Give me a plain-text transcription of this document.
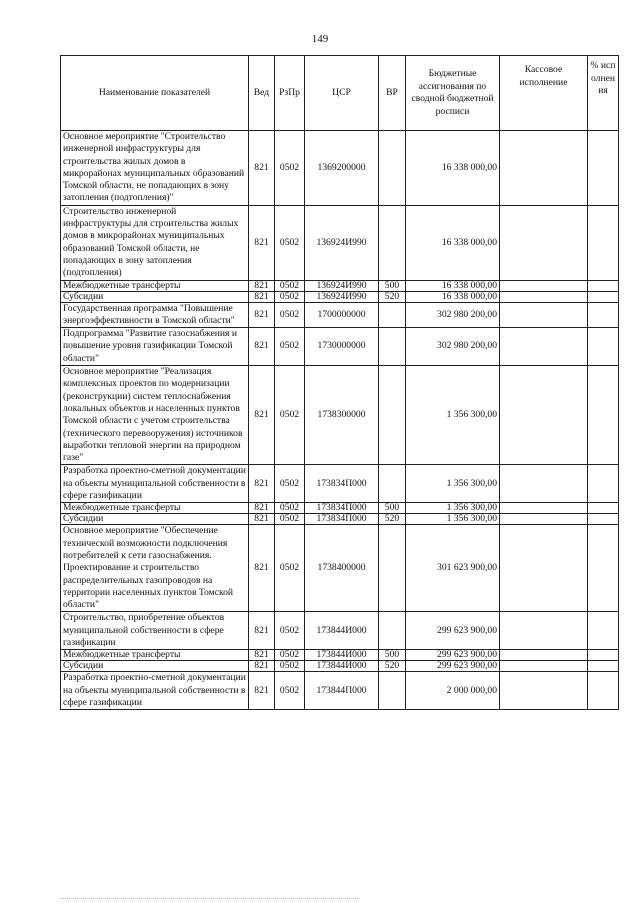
149
Наименование показателей	Вед	РзПр	ЦСР	ВР	Бюджетные ассигнования по сводной бюджетной росписи	Кассовое исполнение	% исполнения
Основное мероприятие "Строительство инженерной инфраструктуры для строительства жилых домов в микрорайонах муниципальных образований Томской области, не попадающих в зону затопления (подтопления)"	821	0502	1369200000		16 338 000,00		
Строительство инженерной инфраструктуры для строительства жилых домов в микрорайонах муниципальных образований Томской области, не попадающих в зону затопления (подтопления)	821	0502	136924И990		16 338 000,00		
Межбюджетные трансферты	821	0502	136924И990	500	16 338 000,00		
Субсидии	821	0502	136924И990	520	16 338 000,00		
Государственная программа "Повышение энергоэффективности в Томской области"	821	0502	1700000000		302 980 200,00		
Подпрограмма "Развитие газоснабжения и повышение уровня газификации Томской области"	821	0502	1730000000		302 980 200,00		
Основное мероприятие "Реализация комплексных проектов по модернизации (реконструкции) систем теплоснабжения локальных объектов и населенных пунктов Томской области с учетом строительства (технического перевооружения) источников выработки тепловой энергии на природном газе"	821	0502	1738300000		1 356 300,00		
Разработка проектно-сметной документации на объекты муниципальной собственности в сфере газификации	821	0502	173834П000		1 356 300,00		
Межбюджетные трансферты	821	0502	173834П000	500	1 356 300,00		
Субсидии	821	0502	173834П000	520	1 356 300,00		
Основное мероприятие "Обеспечение технической возможности подключения потребителей к сети газоснабжения. Проектирование и строительство распределительных газопроводов на территории населенных пунктов Томской области"	821	0502	1738400000		301 623 900,00		
Строительство, приобретение объектов муниципальной собственности в сфере газификации	821	0502	173844И000		299 623 900,00		
Межбюджетные трансферты	821	0502	173844И000	500	299 623 900,00		
Субсидии	821	0502	173844И000	520	299 623 900,00		
Разработка проектно-сметной документации на объекты муниципальной собственности в сфере газификации	821	0502	173844П000		2 000 000,00		
